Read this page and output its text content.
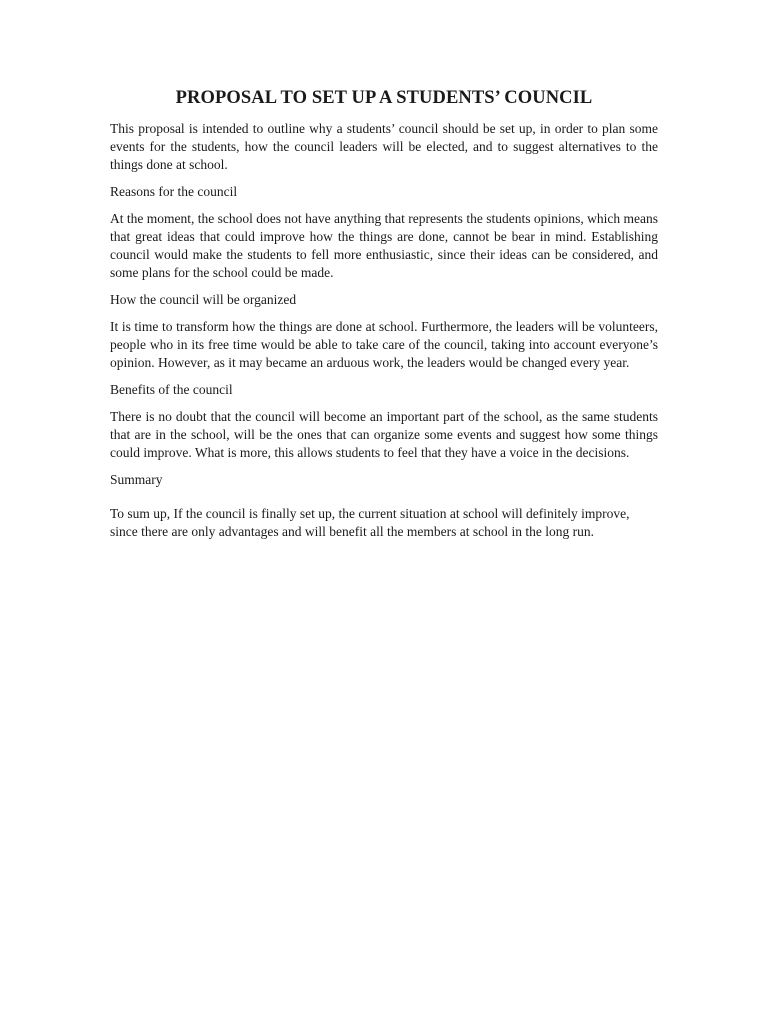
PROPOSAL TO SET UP A STUDENTS’ COUNCIL

This proposal is intended to outline why a students’ council should be set up, in order to plan some events for the students, how the council leaders will be elected, and to suggest alternatives to the things done at school.

Reasons for the council

At the moment, the school does not have anything that represents the students opinions, which means that great ideas that could improve how the things are done, cannot be bear in mind. Establishing council would make the students to fell more enthusiastic, since their ideas can be considered, and some plans for the school could be made.

How the council will be organized

It is time to transform how the things are done at school. Furthermore, the leaders will be volunteers, people who in its free time would be able to take care of the council, taking into account everyone’s opinion. However, as it may became an arduous work, the leaders would be changed every year.

Benefits of the council

There is no doubt that the council will become an important part of the school, as the same students that are in the school, will be the ones that can organize some events and suggest how some things could improve. What is more, this allows students to feel that they have a voice in the decisions.

Summary

To sum up, If the council is finally set up, the current situation at school will definitely improve, since there are only advantages and will benefit all the members at school in the long run.
